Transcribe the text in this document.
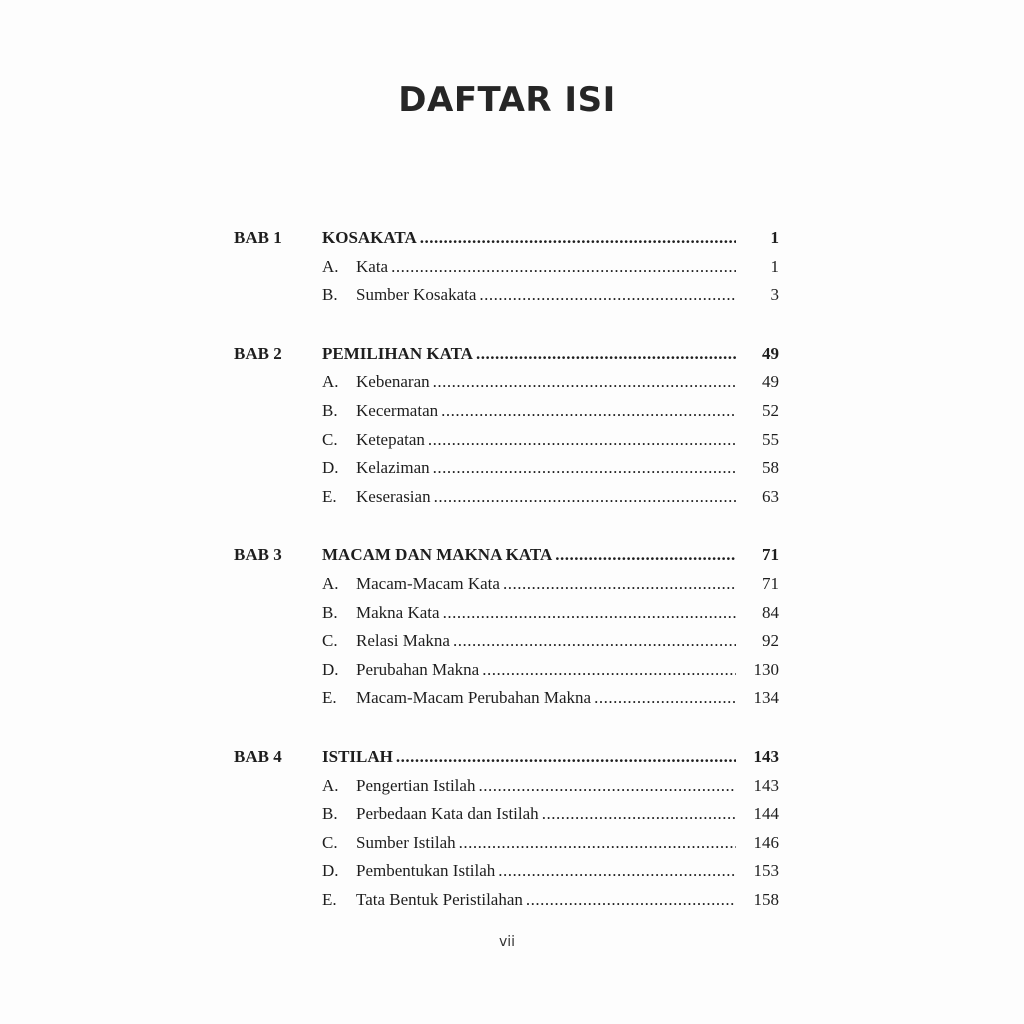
DAFTAR ISI
BAB 1	KOSAKATA .....	1
A.	Kata .....	1
B.	Sumber Kosakata .....	3
BAB 2	PEMILIHAN KATA .....	49
A.	Kebenaran .....	49
B.	Kecermatan .....	52
C.	Ketepatan .....	55
D.	Kelaziman .....	58
E.	Keserasian .....	63
BAB 3	MACAM DAN MAKNA KATA .....	71
A.	Macam-Macam Kata .....	71
B.	Makna Kata .....	84
C.	Relasi Makna .....	92
D.	Perubahan Makna .....	130
E.	Macam-Macam Perubahan Makna .....	134
BAB 4	ISTILAH .....	143
A.	Pengertian Istilah .....	143
B.	Perbedaan Kata dan Istilah .....	144
C.	Sumber Istilah .....	146
D.	Pembentukan Istilah .....	153
E.	Tata Bentuk Peristilahan .....	158
vii
